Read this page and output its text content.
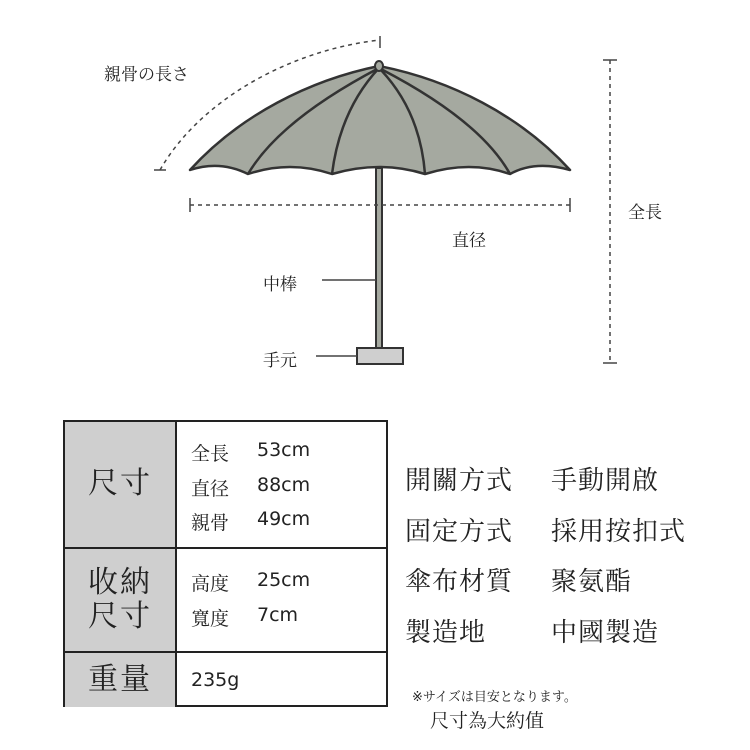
親骨の長さ
全長
直径
中棒
手元
尺寸
全長 53cm
直径 88cm
親骨 49cm
收納
尺寸
高度 25cm
寬度 7cm
重量	235g
開關方式 手動開啟
固定方式 採用按扣式
傘布材質 聚氨酯
製造地 中國製造
※サイズは目安となります。
尺寸為大約值
